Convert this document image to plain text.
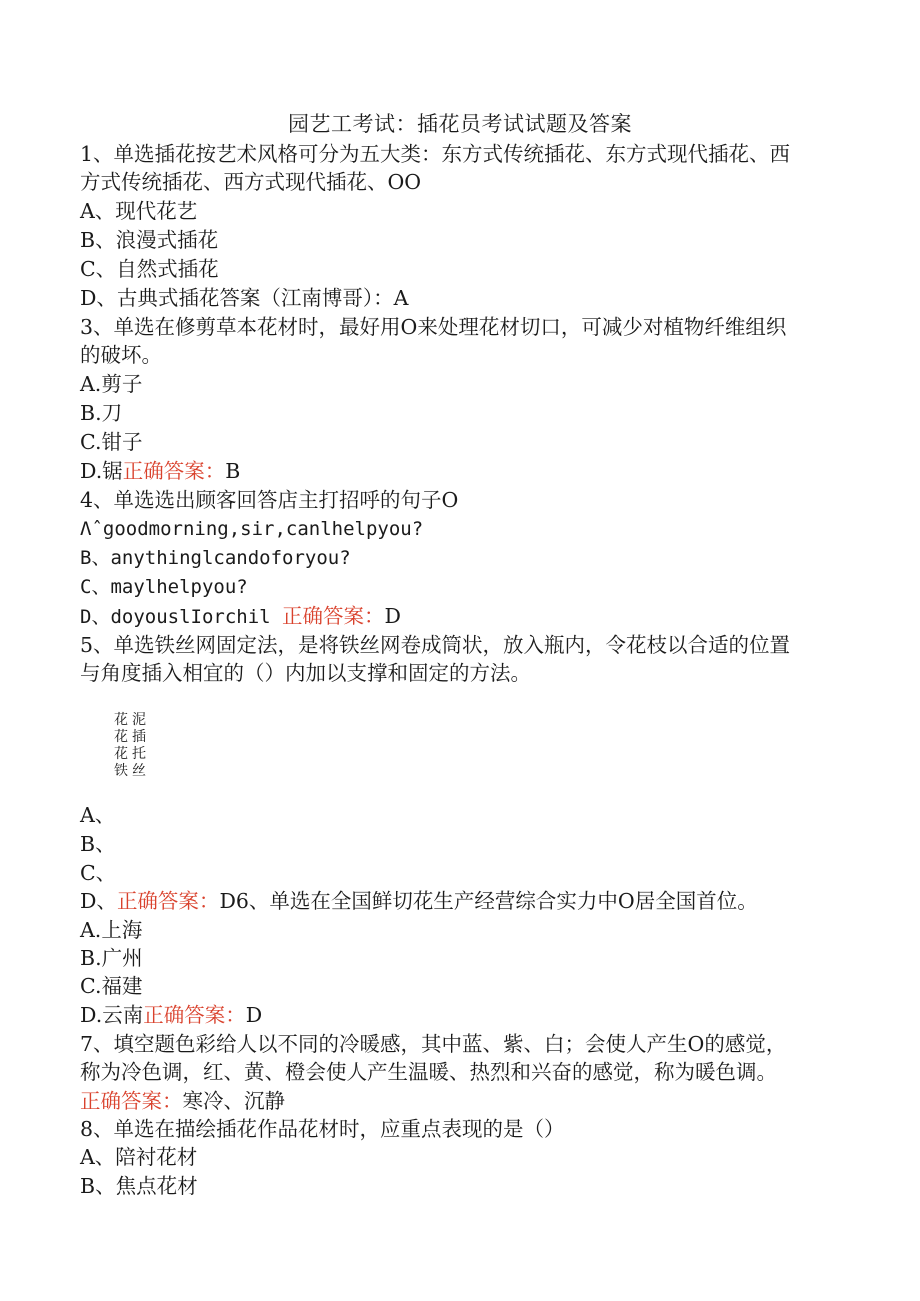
园艺工考试：插花员考试试题及答案
1、单选插花按艺术风格可分为五大类：东方式传统插花、东方式现代插花、西
方式传统插花、西方式现代插花、OO
A、现代花艺
B、浪漫式插花
C、自然式插花
D、古典式插花答案（江南博哥）：A
3、单选在修剪草本花材时，最好用O来处理花材切口，可减少对植物纤维组织
的破坏。
A.剪子
B.刀
C.钳子
D.锯正确答案：B
4、单选选出顾客回答店主打招呼的句子O
Λˆgoodmorning,sir,canlhelpyou?
B、anythinglcandoforyou?
C、maylhelpyou?
D、doyouslIorchil 正确答案：D
5、单选铁丝网固定法，是将铁丝网卷成筒状，放入瓶内，令花枝以合适的位置
与角度插入相宜的（）内加以支撑和固定的方法。
花泥
花插
花托
铁丝
A、
B、
C、
D、正确答案：D6、单选在全国鲜切花生产经营综合实力中O居全国首位。
A.上海
B.广州
C.福建
D.云南正确答案：D
7、填空题色彩给人以不同的冷暖感，其中蓝、紫、白；会使人产生O的感觉，
称为冷色调，红、黄、橙会使人产生温暖、热烈和兴奋的感觉，称为暖色调。
正确答案：寒冷、沉静
8、单选在描绘插花作品花材时，应重点表现的是（）
A、陪衬花材
B、焦点花材
